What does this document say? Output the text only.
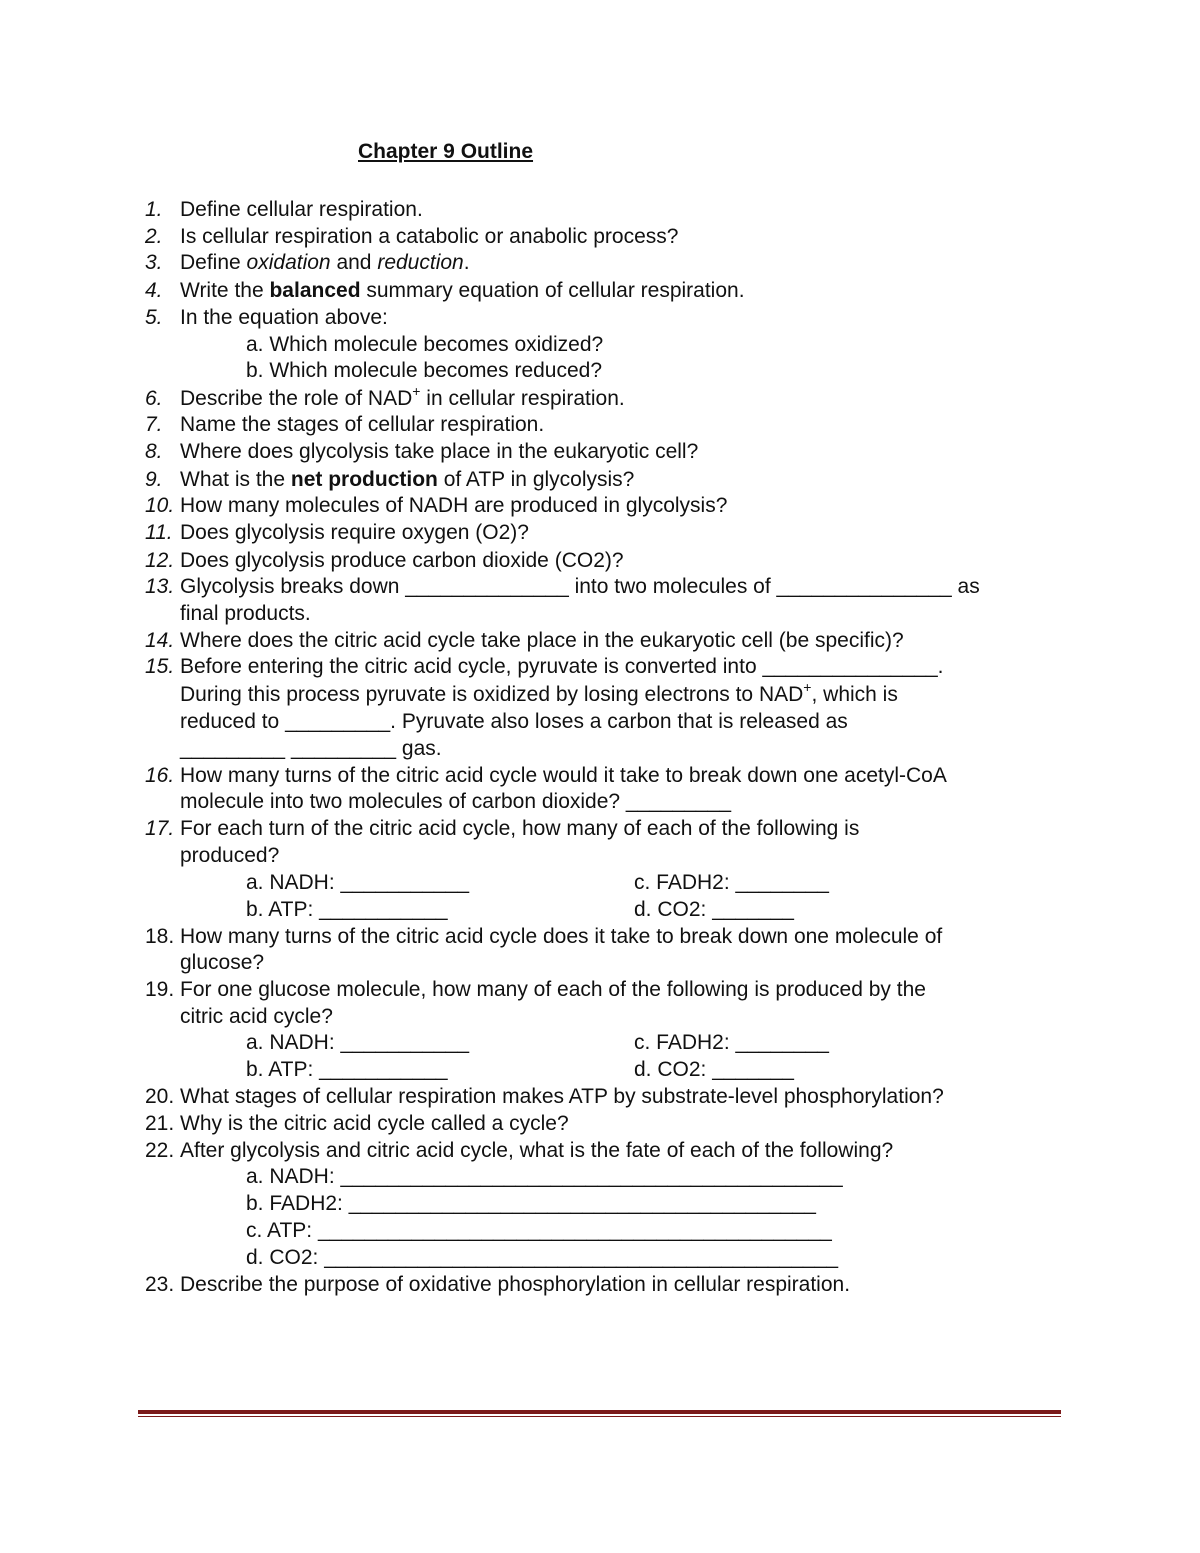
Chapter 9 Outline
1. Define cellular respiration.
2. Is cellular respiration a catabolic or anabolic process?
3. Define oxidation and reduction.
4. Write the balanced summary equation of cellular respiration.
5. In the equation above:
a. Which molecule becomes oxidized?
b. Which molecule becomes reduced?
6. Describe the role of NAD+ in cellular respiration.
7. Name the stages of cellular respiration.
8. Where does glycolysis take place in the eukaryotic cell?
9. What is the net production of ATP in glycolysis?
10. How many molecules of NADH are produced in glycolysis?
11. Does glycolysis require oxygen (O2)?
12. Does glycolysis produce carbon dioxide (CO2)?
13. Glycolysis breaks down ______________ into two molecules of _______________ as
final products.
14. Where does the citric acid cycle take place in the eukaryotic cell (be specific)?
15. Before entering the citric acid cycle, pyruvate is converted into _______________.
During this process pyruvate is oxidized by losing electrons to NAD+, which is
reduced to _________. Pyruvate also loses a carbon that is released as
_________ _________ gas.
16. How many turns of the citric acid cycle would it take to break down one acetyl-CoA
molecule into two molecules of carbon dioxide? _________
17. For each turn of the citric acid cycle, how many of each of the following is
produced?
a. NADH: ___________	c. FADH2: ________
b. ATP: ___________	d. CO2: _______
18. How many turns of the citric acid cycle does it take to break down one molecule of
glucose?
19. For one glucose molecule, how many of each of the following is produced by the
citric acid cycle?
a. NADH: ___________	c. FADH2: ________
b. ATP: ___________	d. CO2: _______
20. What stages of cellular respiration makes ATP by substrate-level phosphorylation?
21. Why is the citric acid cycle called a cycle?
22. After glycolysis and citric acid cycle, what is the fate of each of the following?
a. NADH: ___________________________________________
b. FADH2: ________________________________________
c. ATP: ____________________________________________
d. CO2: ____________________________________________
23. Describe the purpose of oxidative phosphorylation in cellular respiration.
